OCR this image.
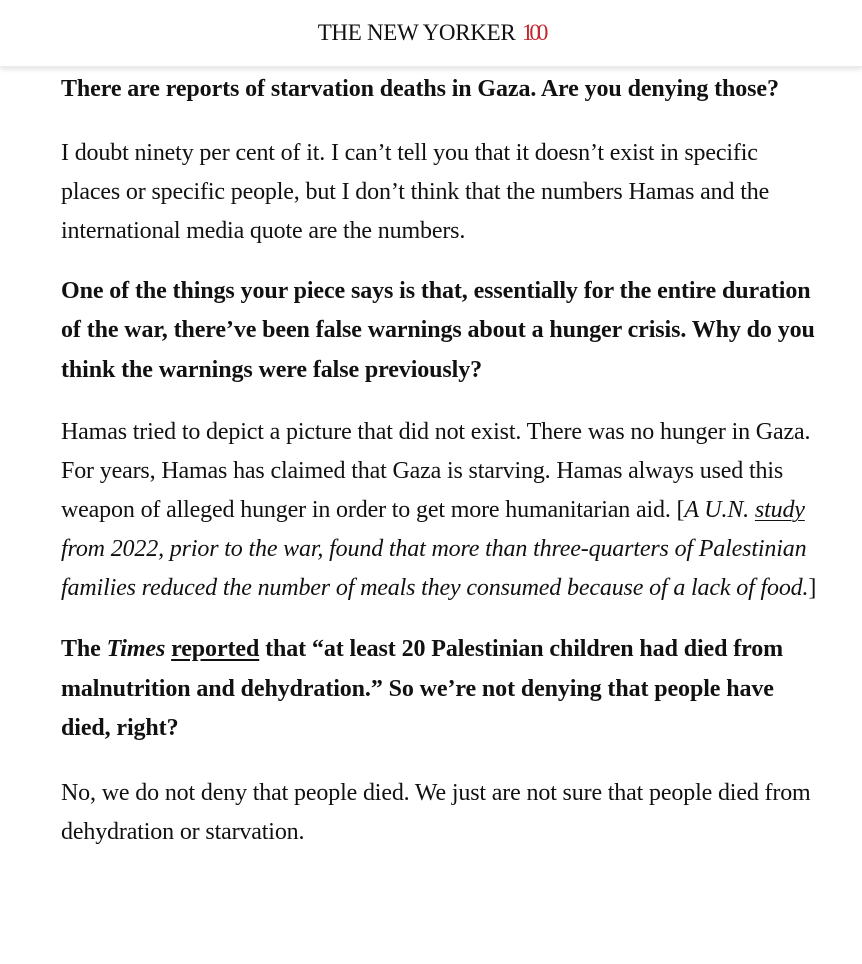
THE NEW YORKER 100

There are reports of starvation deaths in Gaza. Are you denying those?

I doubt ninety per cent of it. I can’t tell you that it doesn’t exist in specific places or specific people, but I don’t think that the numbers Hamas and the international media quote are the numbers.

One of the things your piece says is that, essentially for the entire duration of the war, there’ve been false warnings about a hunger crisis. Why do you think the warnings were false previously?

Hamas tried to depict a picture that did not exist. There was no hunger in Gaza. For years, Hamas has claimed that Gaza is starving. Hamas always used this weapon of alleged hunger in order to get more humanitarian aid. [A U.N. study from 2022, prior to the war, found that more than three-quarters of Palestinian families reduced the number of meals they consumed because of a lack of food.]

The Times reported that “at least 20 Palestinian children had died from malnutrition and dehydration.” So we’re not denying that people have died, right?

No, we do not deny that people died. We just are not sure that people died from dehydration or starvation.
